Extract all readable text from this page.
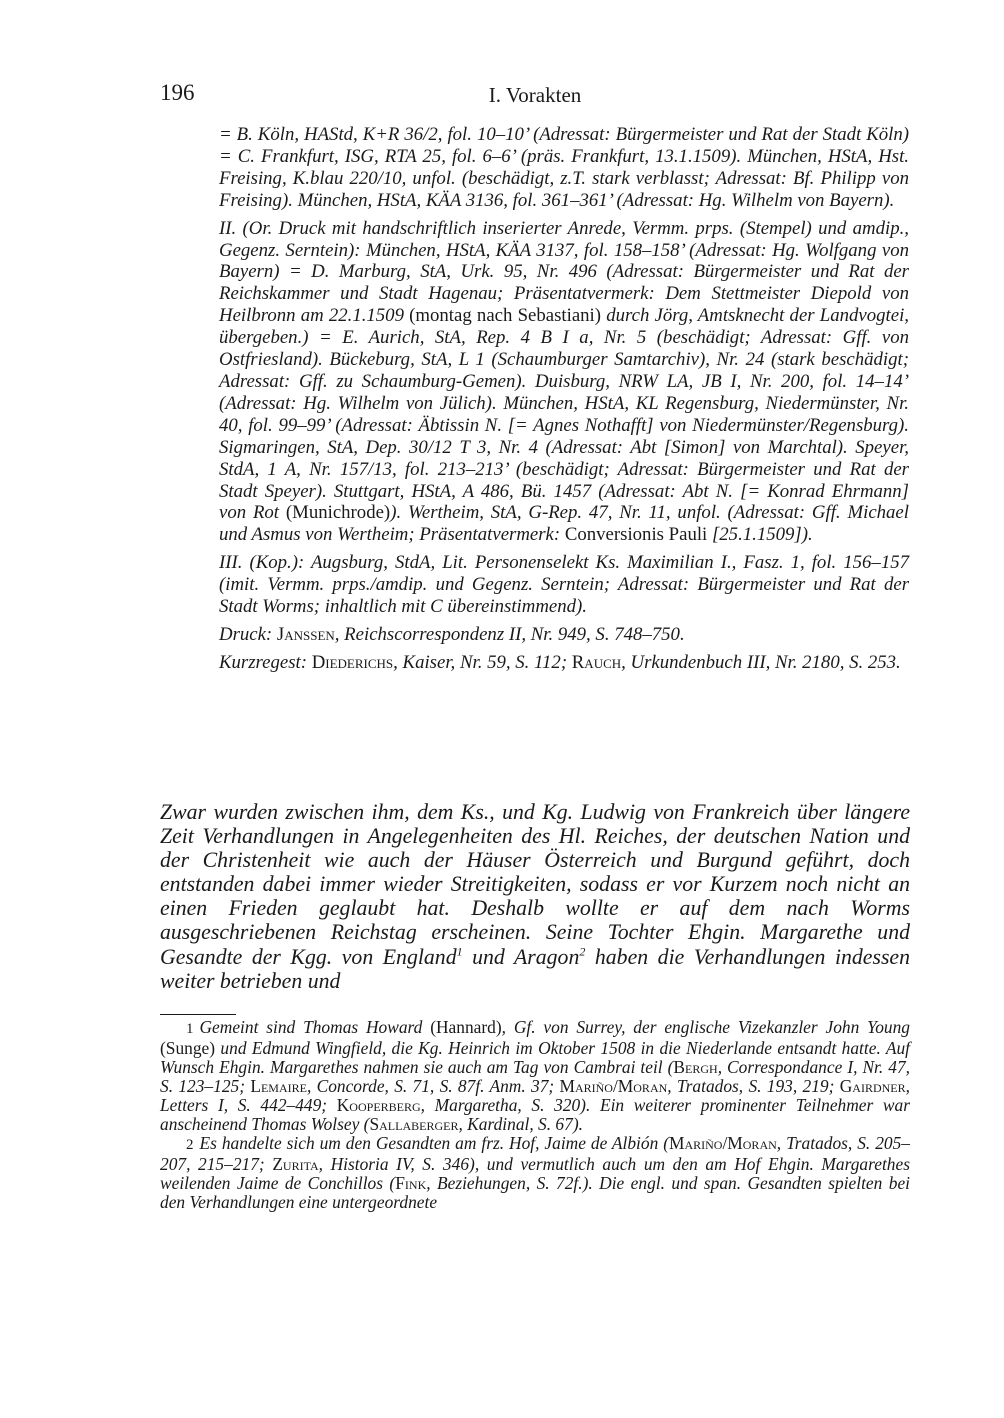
196	I. Vorakten

= B. Köln, HAStd, K+R 36/2, fol. 10–10’ (Adressat: Bürgermeister und Rat der Stadt Köln) = C. Frankfurt, ISG, RTA 25, fol. 6–6’ (präs. Frankfurt, 13.1.1509). München, HStA, Hst. Freising, K.blau 220/10, unfol. (beschädigt, z.T. stark verblasst; Adressat: Bf. Philipp von Freising). München, HStA, KÄA 3136, fol. 361–361’ (Adressat: Hg. Wilhelm von Bayern).

II. (Or. Druck mit handschriftlich inserierter Anrede, Vermm. prps. (Stempel) und amdip., Gegenz. Serntein): München, HStA, KÄA 3137, fol. 158–158’ (Adressat: Hg. Wolfgang von Bayern) = D. Marburg, StA, Urk. 95, Nr. 496 (Adressat: Bürgermeister und Rat der Reichskammer und Stadt Hagenau; Präsentatvermerk: Dem Stettmeister Diepold von Heilbronn am 22.1.1509 (montag nach Sebastiani) durch Jörg, Amtsknecht der Landvogtei, übergeben.) = E. Aurich, StA, Rep. 4 B I a, Nr. 5 (beschädigt; Adressat: Gff. von Ostfriesland). Bückeburg, StA, L 1 (Schaumburger Samtarchiv), Nr. 24 (stark beschädigt; Adressat: Gff. zu Schaumburg-Gemen). Duisburg, NRW LA, JB I, Nr. 200, fol. 14–14’ (Adressat: Hg. Wilhelm von Jülich). München, HStA, KL Regensburg, Niedermünster, Nr. 40, fol. 99–99’ (Adressat: Äbtissin N. [= Agnes Nothafft] von Niedermünster/Regensburg). Sigmaringen, StA, Dep. 30/12 T 3, Nr. 4 (Adressat: Abt [Simon] von Marchtal). Speyer, StdA, 1 A, Nr. 157/13, fol. 213–213’ (beschädigt; Adressat: Bürgermeister und Rat der Stadt Speyer). Stuttgart, HStA, A 486, Bü. 1457 (Adressat: Abt N. [= Konrad Ehrmann] von Rot (Munichrode)). Wertheim, StA, G-Rep. 47, Nr. 11, unfol. (Adressat: Gff. Michael und Asmus von Wertheim; Präsentatvermerk: Conversionis Pauli [25.1.1509]).

III. (Kop.): Augsburg, StdA, Lit. Personenselekt Ks. Maximilian I., Fasz. 1, fol. 156–157 (imit. Vermm. prps./amdip. und Gegenz. Serntein; Adressat: Bürgermeister und Rat der Stadt Worms; inhaltlich mit C übereinstimmend).

Druck: Janssen, Reichscorrespondenz II, Nr. 949, S. 748–750.

Kurzregest: Diederichs, Kaiser, Nr. 59, S. 112; Rauch, Urkundenbuch III, Nr. 2180, S. 253.

Zwar wurden zwischen ihm, dem Ks., und Kg. Ludwig von Frankreich über längere Zeit Verhandlungen in Angelegenheiten des Hl. Reiches, der deutschen Nation und der Christenheit wie auch der Häuser Österreich und Burgund geführt, doch entstanden dabei immer wieder Streitigkeiten, sodass er vor Kurzem noch nicht an einen Frieden geglaubt hat. Deshalb wollte er auf dem nach Worms ausgeschriebenen Reichstag erscheinen. Seine Tochter Ehgin. Margarethe und Gesandte der Kgg. von England$^1$ und Aragon$^2$ haben die Verhandlungen indessen weiter betrieben und

1 Gemeint sind Thomas Howard (Hannard), Gf. von Surrey, der englische Vizekanzler John Young (Sunge) und Edmund Wingfield, die Kg. Heinrich im Oktober 1508 in die Niederlande entsandt hatte. Auf Wunsch Ehgin. Margarethes nahmen sie auch am Tag von Cambrai teil (Bergh, Correspondance I, Nr. 47, S. 123–125; Lemaire, Concorde, S. 71, S. 87f. Anm. 37; Mariño/Moran, Tratados, S. 193, 219; Gairdner, Letters I, S. 442–449; Kooperberg, Margaretha, S. 320). Ein weiterer prominenter Teilnehmer war anscheinend Thomas Wolsey (Sallaberger, Kardinal, S. 67).

2 Es handelte sich um den Gesandten am frz. Hof, Jaime de Albión (Mariño/Moran, Tratados, S. 205–207, 215–217; Zurita, Historia IV, S. 346), und vermutlich auch um den am Hof Ehgin. Margarethes weilenden Jaime de Conchillos (Fink, Beziehungen, S. 72f.). Die engl. und span. Gesandten spielten bei den Verhandlungen eine untergeordnete
